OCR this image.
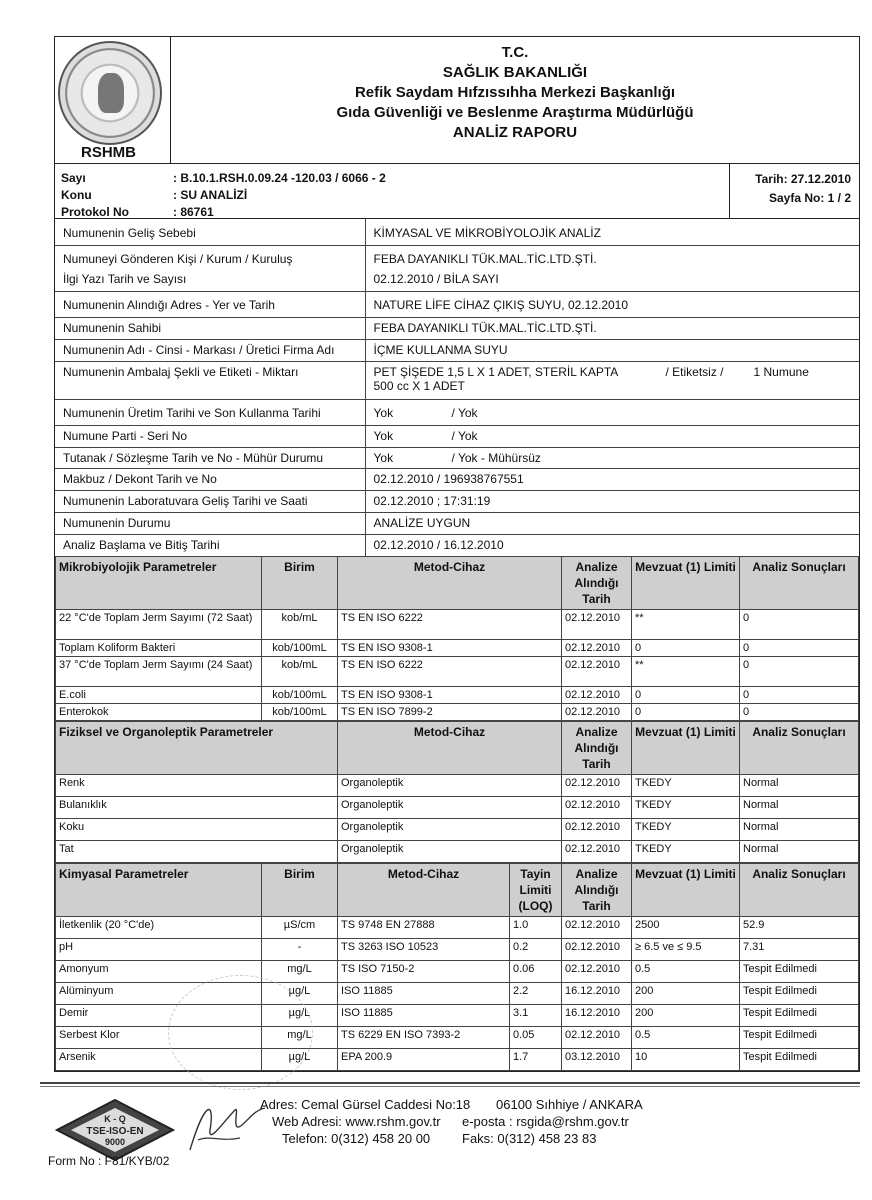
RSHMB
T.C.
SAĞLIK BAKANLIĞI
Refik Saydam Hıfzıssıhha Merkezi Başkanlığı
Gıda Güvenliği ve Beslenme Araştırma Müdürlüğü
ANALİZ RAPORU
Sayı	: B.10.1.RSH.0.09.24 -120.03 / 6066 - 2
Konu	: SU ANALİZİ
Protokol No	: 86761
Tarih: 27.12.2010
Sayfa No: 1 / 2

Numunenin Geliş Sebebi	KİMYASAL VE MİKROBİYOLOJİK ANALİZ

Numuneyi Gönderen Kişi / Kurum / Kuruluş	FEBA DAYANIKLI TÜK.MAL.TİC.LTD.ŞTİ.
İlgi Yazı Tarih ve Sayısı	02.12.2010 / BİLA SAYI

Numunenin Alındığı Adres - Yer ve Tarih	NATURE LİFE CİHAZ ÇIKIŞ SUYU, 02.12.2010
Numunenin Sahibi	FEBA DAYANIKLI TÜK.MAL.TİC.LTD.ŞTİ.
Numunenin Adı - Cinsi - Markası / Üretici Firma Adı	İÇME KULLANMA SUYU
Numunenin Ambalaj Şekli ve Etiketi - Miktarı	PET ŞİŞEDE 1,5 L X 1 ADET, STERİL KAPTA / Etiketsiz / 1 Numune
500 cc X 1 ADET

Numunenin Üretim Tarihi ve Son Kullanma Tarihi	Yok / Yok
Numune Parti - Seri No	Yok / Yok
Tutanak / Sözleşme Tarih ve No - Mühür Durumu	Yok / Yok - Mühürsüz
Makbuz / Dekont Tarih ve No	02.12.2010 / 196938767551
Numunenin Laboratuvara Geliş Tarihi ve Saati	02.12.2010 ; 17:31:19
Numunenin Durumu	ANALİZE UYGUN
Analiz Başlama ve Bitiş Tarihi	02.12.2010 / 16.12.2010
Mikrobiyolojik Parametreler	Birim	Metod-Cihaz	Analize Alındığı Tarih	Mevzuat (1) Limiti	Analiz Sonuçları
22 °C'de Toplam Jerm Sayımı (72 Saat)	kob/mL	TS EN ISO 6222	02.12.2010	**	0
Toplam Koliform Bakteri	kob/100mL	TS EN ISO 9308-1	02.12.2010	0	0
37 °C'de Toplam Jerm Sayımı (24 Saat)	kob/mL	TS EN ISO 6222	02.12.2010	**	0
E.coli	kob/100mL	TS EN ISO 9308-1	02.12.2010	0	0
Enterokok	kob/100mL	TS EN ISO 7899-2	02.12.2010	0	0
Fiziksel ve Organoleptik Parametreler	Metod-Cihaz	Analize Alındığı Tarih	Mevzuat (1) Limiti	Analiz Sonuçları
Renk	Organoleptik	02.12.2010	TKEDY	Normal
Bulanıklık	Organoleptik	02.12.2010	TKEDY	Normal
Koku	Organoleptik	02.12.2010	TKEDY	Normal
Tat	Organoleptik	02.12.2010	TKEDY	Normal
Kimyasal Parametreler	Birim	Metod-Cihaz	Tayin Limiti (LOQ)	Analize Alındığı Tarih	Mevzuat (1) Limiti	Analiz Sonuçları
İletkenlik (20 °C'de)	µS/cm	TS 9748 EN 27888	1.0	02.12.2010	2500	52.9
pH	-	TS 3263 ISO 10523	0.2	02.12.2010	≥ 6.5 ve ≤ 9.5	7.31
Amonyum	mg/L	TS ISO 7150-2	0.06	02.12.2010	0.5	Tespit Edilmedi
Alüminyum	µg/L	ISO 11885	2.2	16.12.2010	200	Tespit Edilmedi
Demir	µg/L	ISO 11885	3.1	16.12.2010	200	Tespit Edilmedi
Serbest Klor	mg/L	TS 6229 EN ISO 7393-2	0.05	02.12.2010	0.5	Tespit Edilmedi
Arsenik	µg/L	EPA 200.9	1.7	03.12.2010	10	Tespit Edilmedi
K - Q
TSE-ISO-EN
9000
Adres: Cemal Gürsel Caddesi No:18	06100 Sıhhiye / ANKARA
Web Adresi: www.rshm.gov.tr	e-posta : rsgida@rshm.gov.tr
Telefon: 0(312) 458 20 00	Faks: 0(312) 458 23 83
Form No : F81/KYB/02
